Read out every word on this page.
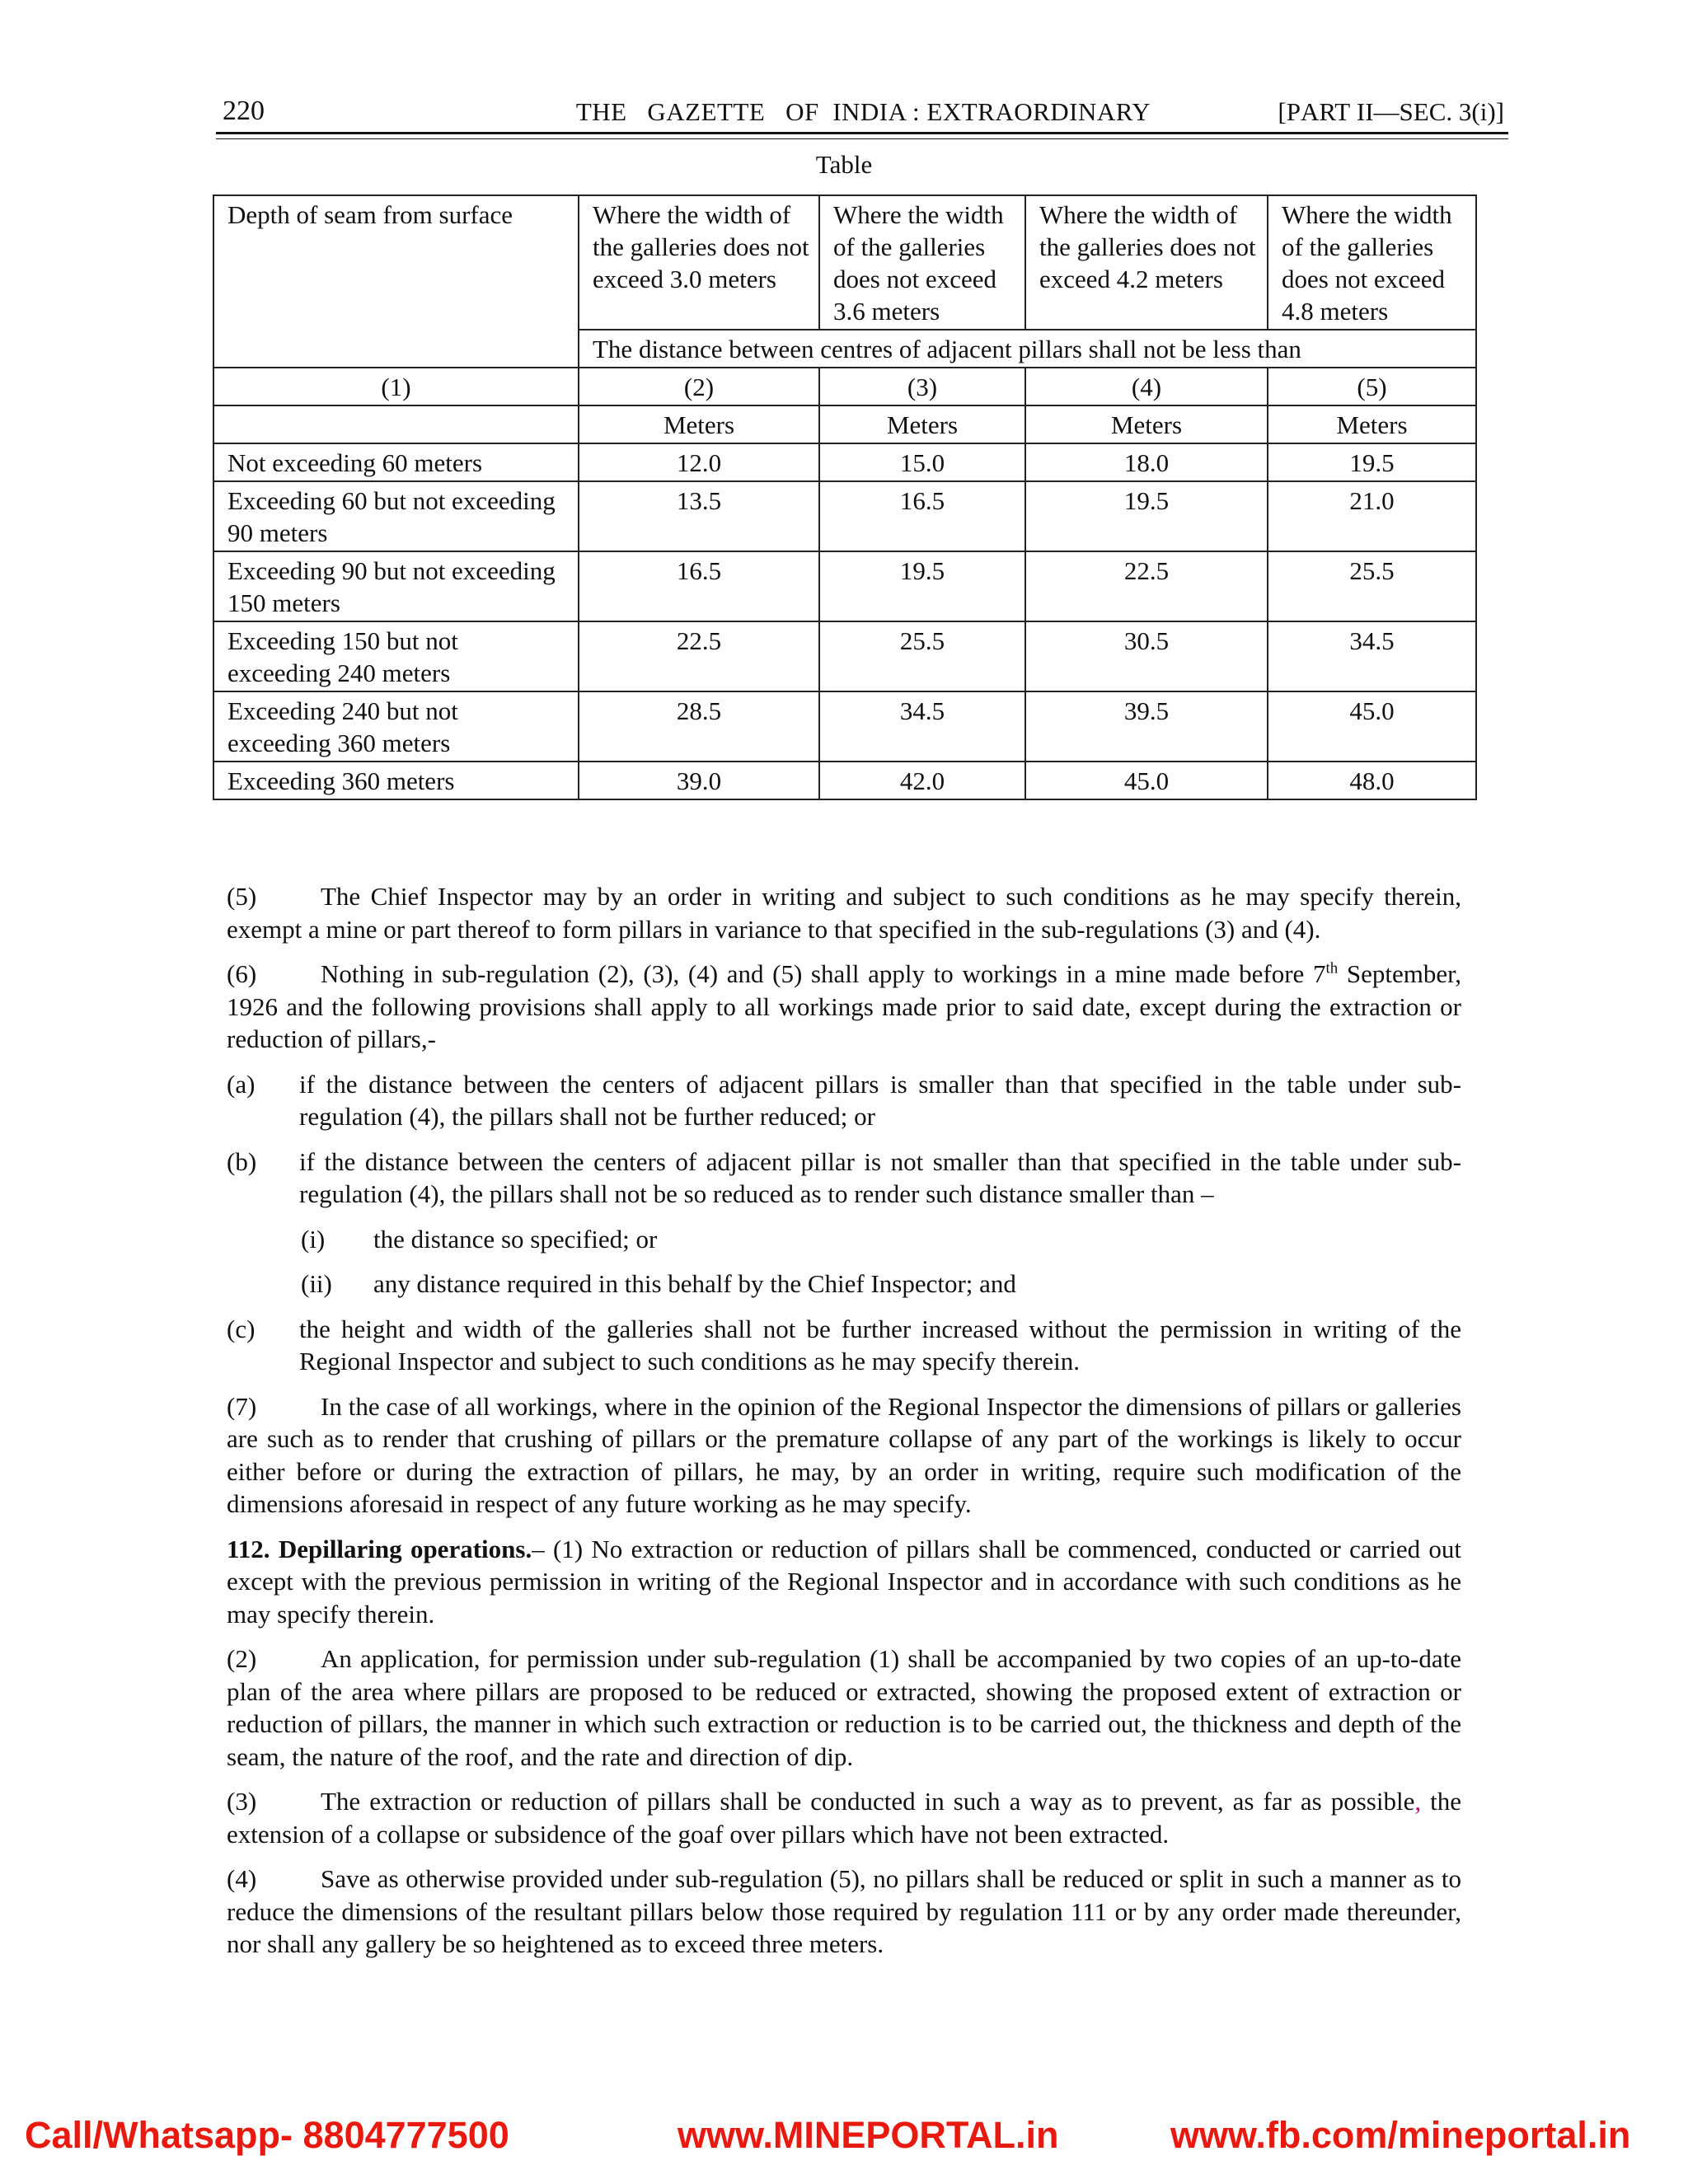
220	THE   GAZETTE   OF  INDIA : EXTRAORDINARY	[PART II—SEC. 3(i)]
Table
Depth of seam from surface	Where the width of the galleries does not exceed 3.0 meters	Where the width of the galleries does not exceed 3.6 meters	Where the width of the galleries does not exceed 4.2 meters	Where the width of the galleries does not exceed 4.8 meters
	The distance between centres of adjacent pillars shall not be less than			
(1)	(2)	(3)	(4)	(5)
	Meters	Meters	Meters	Meters
Not exceeding 60 meters	12.0	15.0	18.0	19.5
Exceeding 60 but not exceeding 90 meters	13.5	16.5	19.5	21.0
Exceeding 90 but not exceeding 150 meters	16.5	19.5	22.5	25.5
Exceeding 150 but not exceeding 240 meters	22.5	25.5	30.5	34.5
Exceeding 240 but not exceeding 360 meters	28.5	34.5	39.5	45.0
Exceeding 360 meters	39.0	42.0	45.0	48.0

(5)	The Chief Inspector may by an order in writing and subject to such conditions as he may specify therein, exempt a mine or part thereof to form pillars in variance to that specified in the sub-regulations (3) and (4).

(6)	Nothing in sub-regulation (2), (3), (4) and (5) shall apply to workings in a mine made before 7th September, 1926 and the following provisions shall apply to all workings made prior to said date, except during the extraction or reduction of pillars,-

(a)	if the distance between the centers of adjacent pillars is smaller than that specified in the table under sub-regulation (4), the pillars shall not be further reduced; or
(b)	if the distance between the centers of adjacent pillar is not smaller than that specified in the table under sub-regulation (4), the pillars shall not be so reduced as to render such distance smaller than –
(i)	the distance so specified; or
(ii)	any distance required in this behalf by the Chief Inspector; and
(c)	the height and width of the galleries shall not be further increased without the permission in writing of the Regional Inspector and subject to such conditions as he may specify therein.

(7)	In the case of all workings, where in the opinion of the Regional Inspector the dimensions of pillars or galleries are such as to render that crushing of pillars or the premature collapse of any part of the workings is likely to occur either before or during the extraction of pillars, he may, by an order in writing, require such modification of the dimensions aforesaid in respect of any future working as he may specify.

112. Depillaring operations.– (1) No extraction or reduction of pillars shall be commenced, conducted or carried out except with the previous permission in writing of the Regional Inspector and in accordance with such conditions as he may specify therein.

(2)	An application, for permission under sub-regulation (1) shall be accompanied by two copies of an up-to-date plan of the area where pillars are proposed to be reduced or extracted, showing the proposed extent of extraction or reduction of pillars, the manner in which such extraction or reduction is to be carried out, the thickness and depth of the seam, the nature of the roof, and the rate and direction of dip.

(3)	The extraction or reduction of pillars shall be conducted in such a way as to prevent, as far as possible, the extension of a collapse or subsidence of the goaf over pillars which have not been extracted.

(4)	Save as otherwise provided under sub-regulation (5), no pillars shall be reduced or split in such a manner as to reduce the dimensions of the resultant pillars below those required by regulation 111 or by any order made thereunder, nor shall any gallery be so heightened as to exceed three meters.

Call/Whatsapp- 8804777500	www.MINEPORTAL.in	www.fb.com/mineportal.in
